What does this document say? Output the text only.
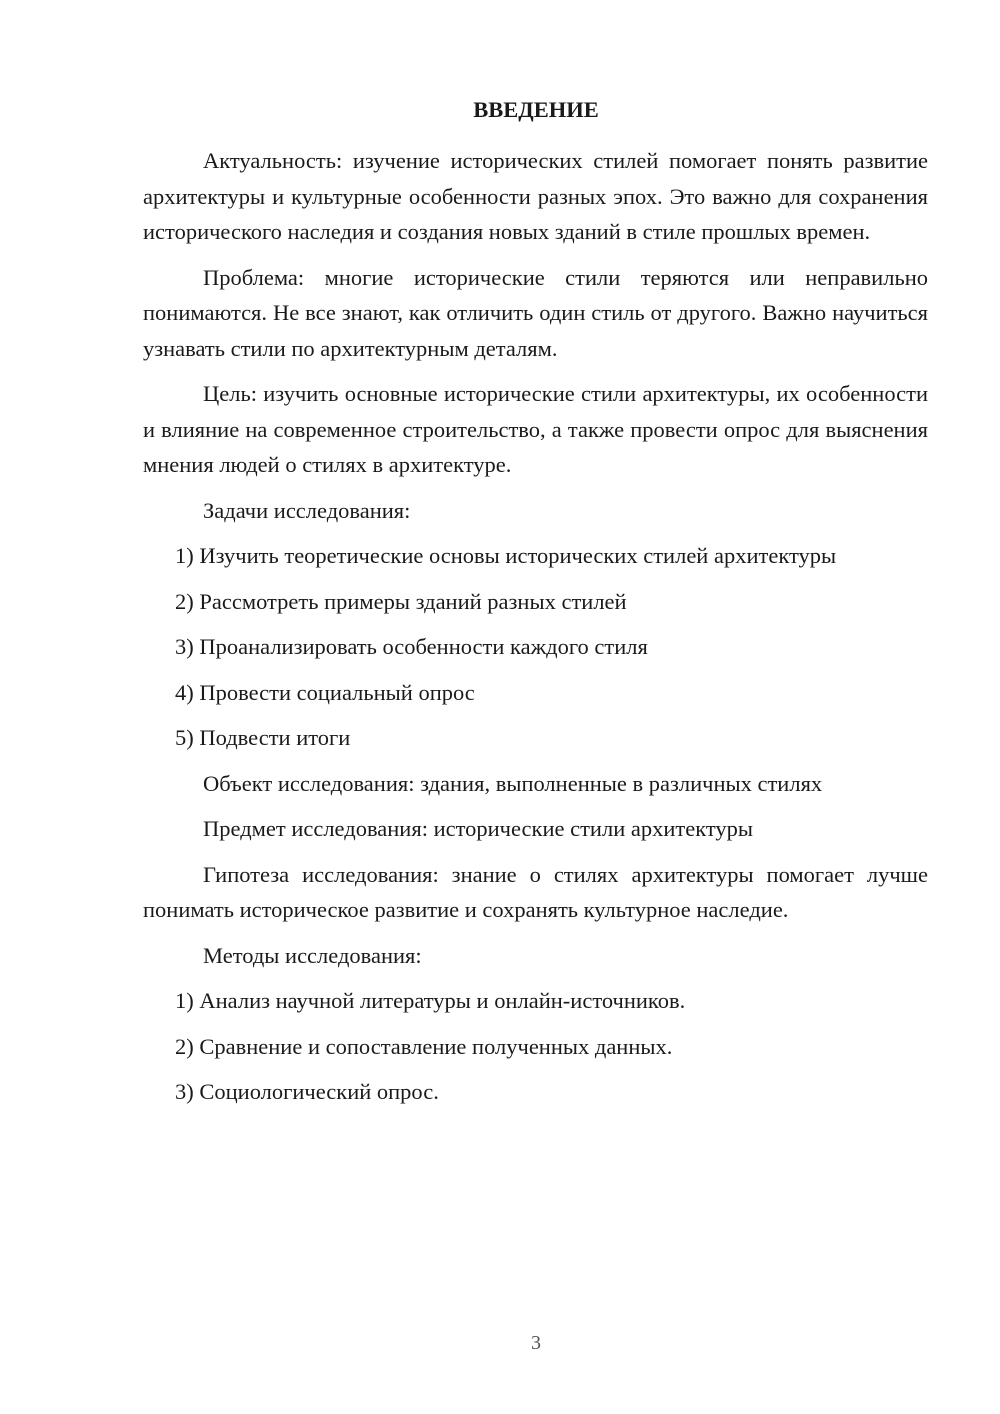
ВВЕДЕНИЕ

Актуальность: изучение исторических стилей помогает понять развитие архитектуры и культурные особенности разных эпох. Это важно для сохранения исторического наследия и создания новых зданий в стиле прошлых времен.

Проблема: многие исторические стили теряются или неправильно понимаются. Не все знают, как отличить один стиль от другого. Важно научиться узнавать стили по архитектурным деталям.

Цель: изучить основные исторические стили архитектуры, их особенности и влияние на современное строительство, а также провести опрос для выяснения мнения людей о стилях в архитектуре.

Задачи исследования:

1) Изучить теоретические основы исторических стилей архитектуры

2) Рассмотреть примеры зданий разных стилей

3) Проанализировать особенности каждого стиля

4) Провести социальный опрос

5) Подвести итоги

Объект исследования: здания, выполненные в различных стилях

Предмет исследования: исторические стили архитектуры

Гипотеза исследования: знание о стилях архитектуры помогает лучше понимать историческое развитие и сохранять культурное наследие.

Методы исследования:

1) Анализ научной литературы и онлайн-источников.

2) Сравнение и сопоставление полученных данных.

3) Социологический опрос.

3
